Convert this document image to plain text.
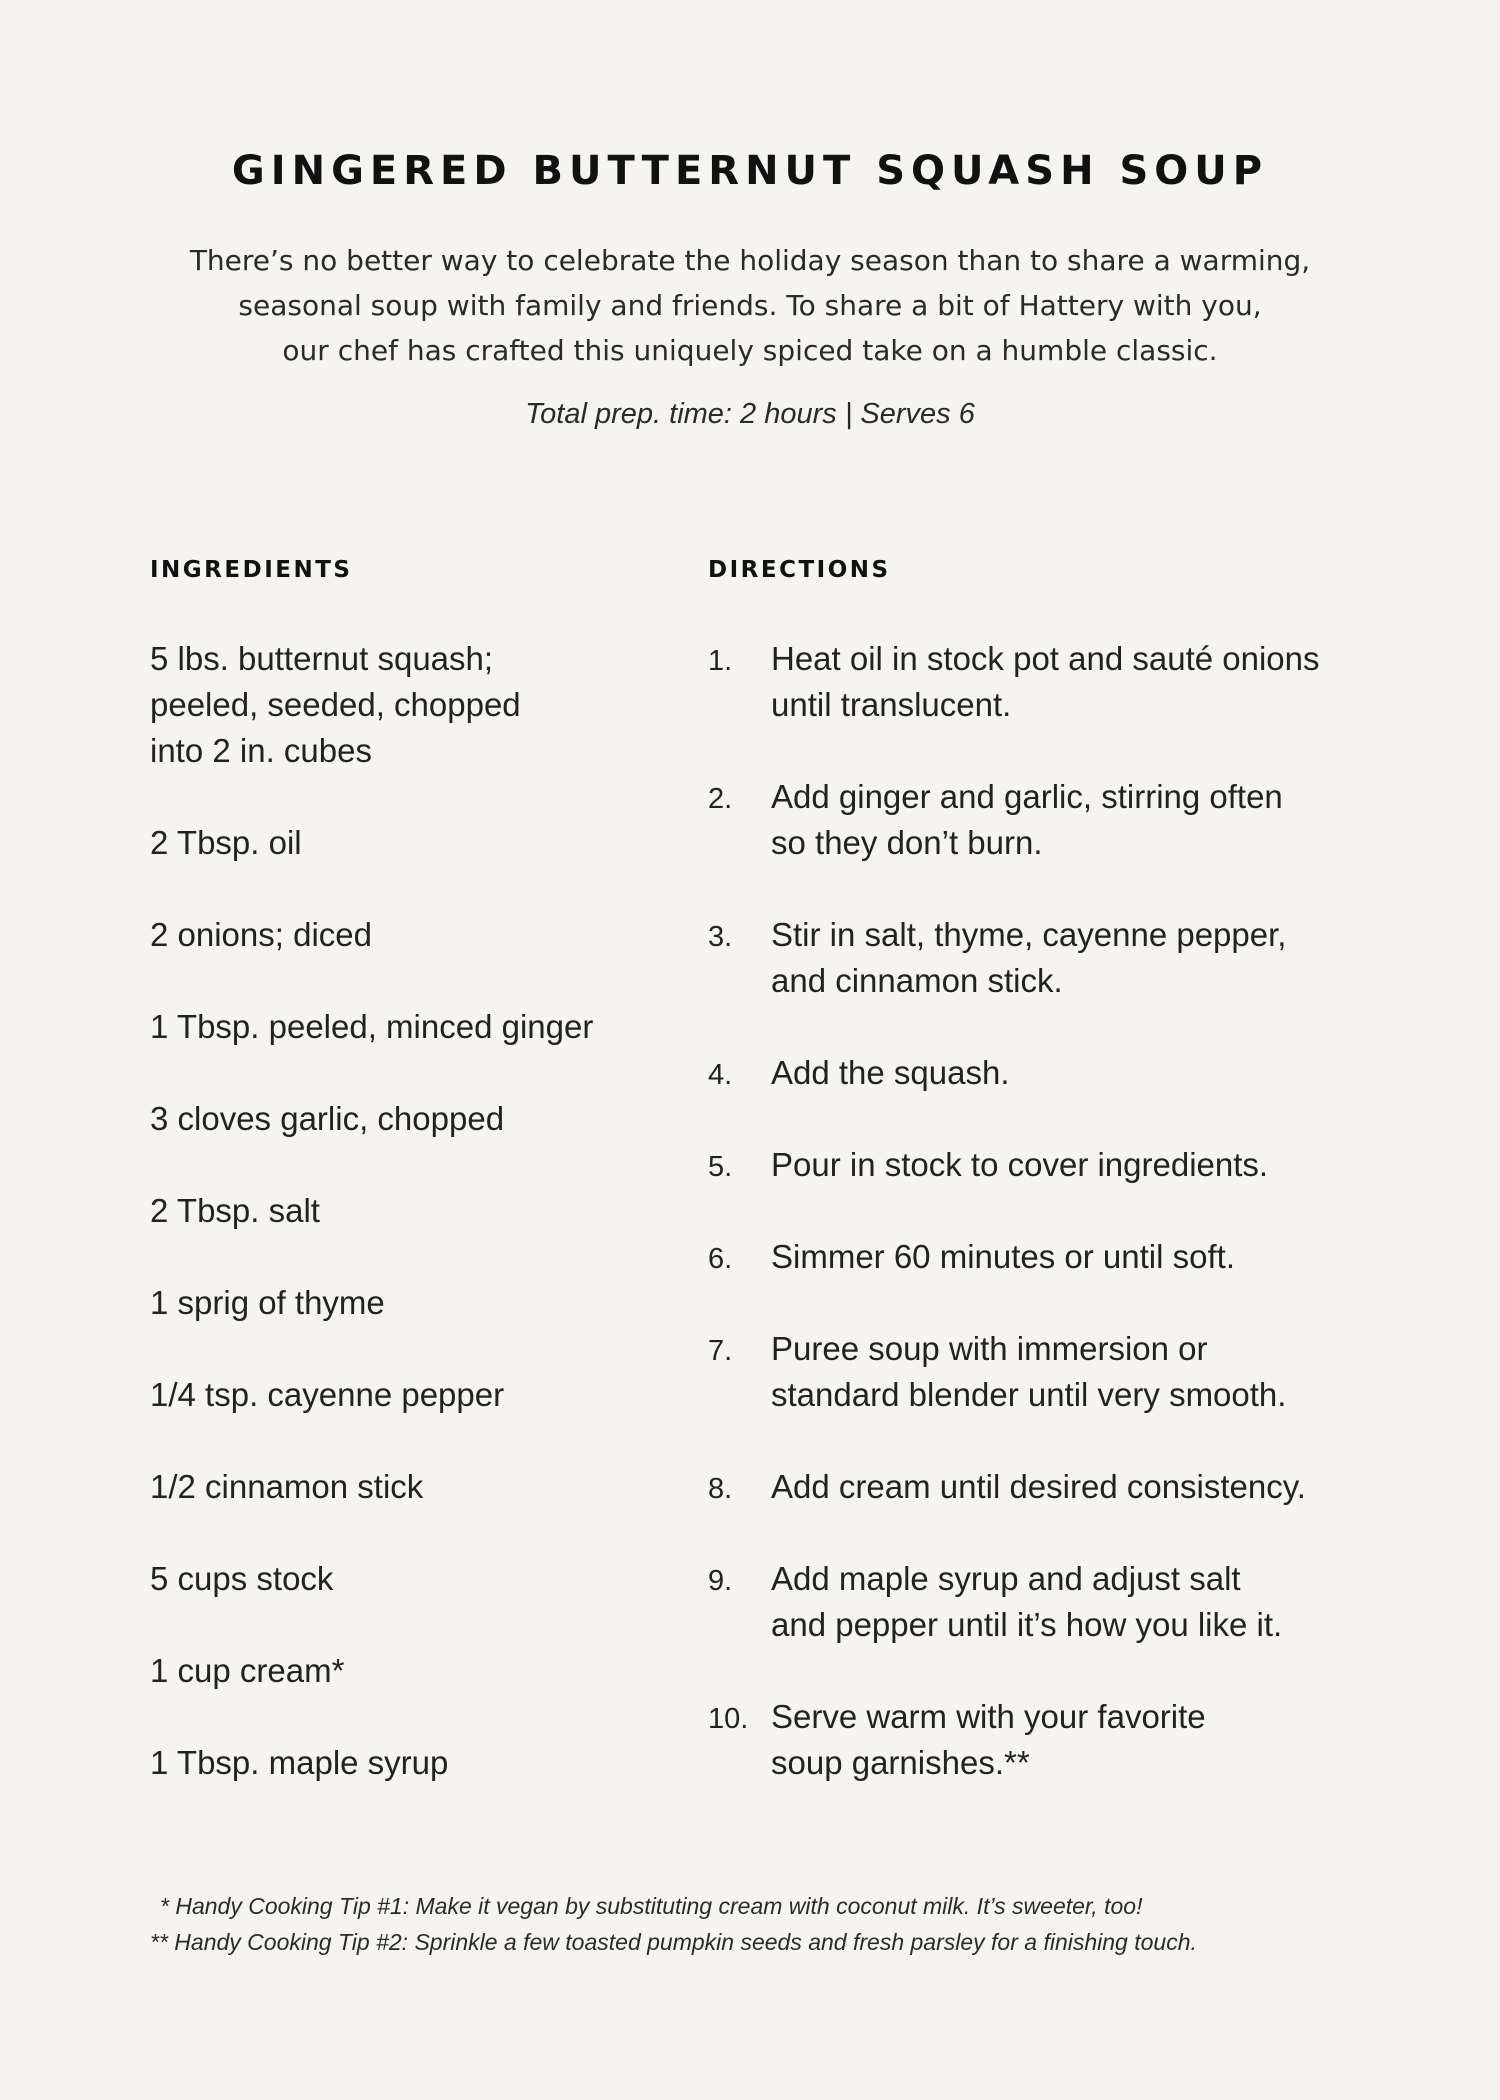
GINGERED BUTTERNUT SQUASH SOUP
There’s no better way to celebrate the holiday season than to share a warming,
seasonal soup with family and friends. To share a bit of Hattery with you,
our chef has crafted this uniquely spiced take on a humble classic.

Total prep. time: 2 hours | Serves 6

INGREDIENTS	DIRECTIONS
5 lbs. butternut squash;
peeled, seeded, chopped
into 2 in. cubes
2 Tbsp. oil
2 onions; diced
1 Tbsp. peeled, minced ginger
3 cloves garlic, chopped
2 Tbsp. salt
1 sprig of thyme
1/4 tsp. cayenne pepper
1/2 cinnamon stick
5 cups stock
1 cup cream*
1 Tbsp. maple syrup
1. Heat oil in stock pot and sauté onions
until translucent.
2. Add ginger and garlic, stirring often
so they don’t burn.
3. Stir in salt, thyme, cayenne pepper,
and cinnamon stick.
4. Add the squash.
5. Pour in stock to cover ingredients.
6. Simmer 60 minutes or until soft.
7. Puree soup with immersion or
standard blender until very smooth.
8. Add cream until desired consistency.
9. Add maple syrup and adjust salt
and pepper until it’s how you like it.
10. Serve warm with your favorite
soup garnishes.**

* Handy Cooking Tip #1: Make it vegan by substituting cream with coconut milk. It’s sweeter, too!

** Handy Cooking Tip #2: Sprinkle a few toasted pumpkin seeds and fresh parsley for a finishing touch.
